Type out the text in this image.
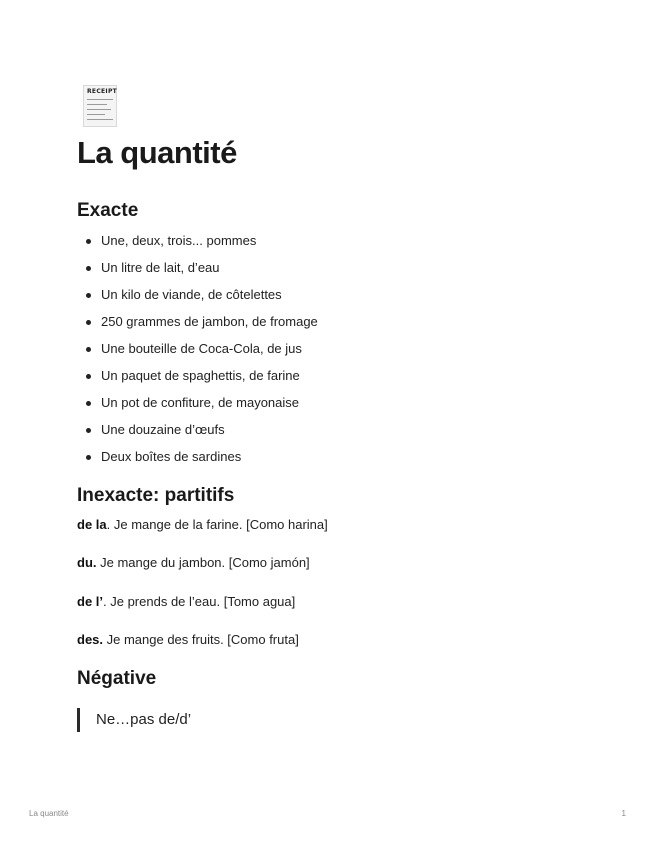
RECEIPT
La quantité
Exacte
Une, deux, trois... pommes
Un litre de lait, d’eau
Un kilo de viande, de côtelettes
250 grammes de jambon, de fromage
Une bouteille de Coca-Cola, de jus
Un paquet de spaghettis, de farine
Un pot de confiture, de mayonaise
Une douzaine d’œufs
Deux boîtes de sardines
Inexacte: partitifs

de la. Je mange de la farine. [Como harina]

du. Je mange du jambon. [Como jamón]

de l’. Je prends de l’eau. [Tomo agua]

des. Je mange des fruits. [Como fruta]

Négative
Ne…pas de/d’
La quantité	1
